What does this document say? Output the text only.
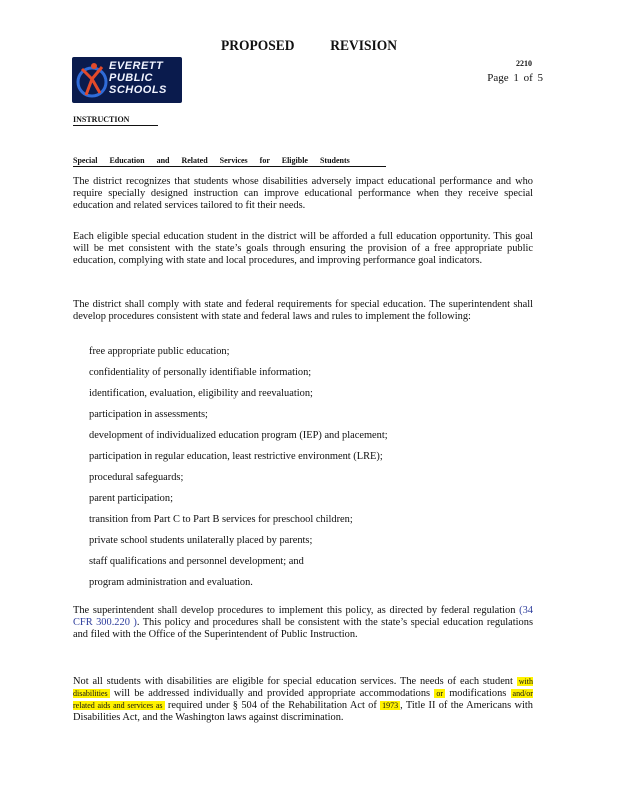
PROPOSED REVISION
EVERETT
PUBLIC
SCHOOLS
2210
Page 1 of 5
INSTRUCTION
Special Education and Related Services for Eligible Students
The district recognizes that students whose disabilities adversely impact educational performance and who require specially designed instruction can improve educational performance when they receive special education and related services tailored to fit their needs.
Each eligible special education student in the district will be afforded a full education opportunity. This goal will be met consistent with the state’s goals through ensuring the provision of a free appropriate public education, complying with state and local procedures, and improving performance goal indicators.
The district shall comply with state and federal requirements for special education. The superintendent shall develop procedures consistent with state and federal laws and rules to implement the following:
free appropriate public education;
confidentiality of personally identifiable information;
identification, evaluation, eligibility and reevaluation;
participation in assessments;
development of individualized education program (IEP) and placement;
participation in regular education, least restrictive environment (LRE);
procedural safeguards;
parent participation;
transition from Part C to Part B services for preschool children;
private school students unilaterally placed by parents;
staff qualifications and personnel development; and
program administration and evaluation.
The superintendent shall develop procedures to implement this policy, as directed by federal regulation (34 CFR 300.220 ). This policy and procedures shall be consistent with the state’s special education regulations and filed with the Office of the Superintendent of Public Instruction.
Not all students with disabilities are eligible for special education services. The needs of each student with disabilities will be addressed individually and provided appropriate accommodations or modifications and/or related aids and services as required under § 504 of the Rehabilitation Act of 1973 , Title II of the Americans with Disabilities Act, and the Washington laws against discrimination.
